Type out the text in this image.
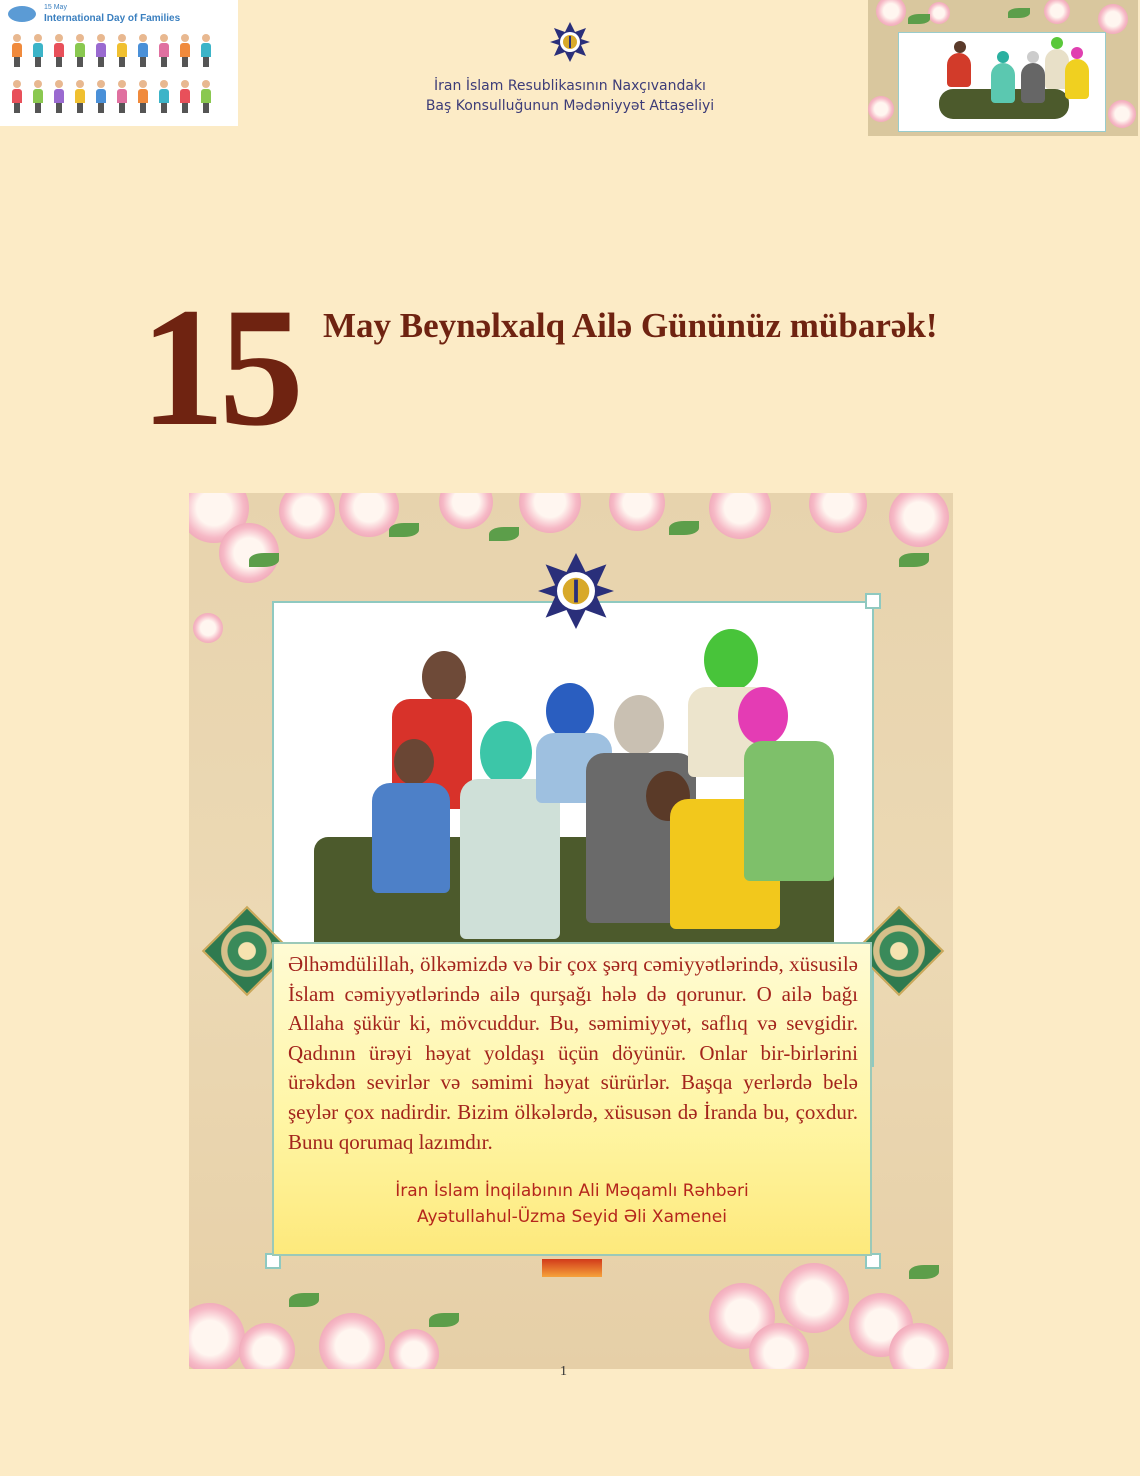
15 May
International Day of Families
İran İslam Resublikasının Naxçıvandakı
Baş Konsulluğunun Mədəniyyət Attaşeliyi
15 May Beynəlxalq Ailə Gününüz mübarək!
Əlhəmdülillah, ölkəmizdə və bir çox şərq cəmiyyətlərində, xüsusilə İslam cəmiyyətlərində ailə qurşağı hələ də qorunur. O ailə bağı Allaha şükür ki, mövcuddur. Bu, səmimiyyət, saflıq və sevgidir. Qadının ürəyi həyat yoldaşı üçün döyünür. Onlar bir-birlərini ürəkdən sevirlər və səmimi həyat sürürlər. Başqa yerlərdə belə şeylər çox nadirdir. Bizim ölkələrdə, xüsusən də İranda bu, çoxdur. Bunu qorumaq lazımdır.
İran İslam İnqilabının Ali Məqamlı Rəhbəri
Ayətullahul-Üzma Seyid Əli Xamenei
1
